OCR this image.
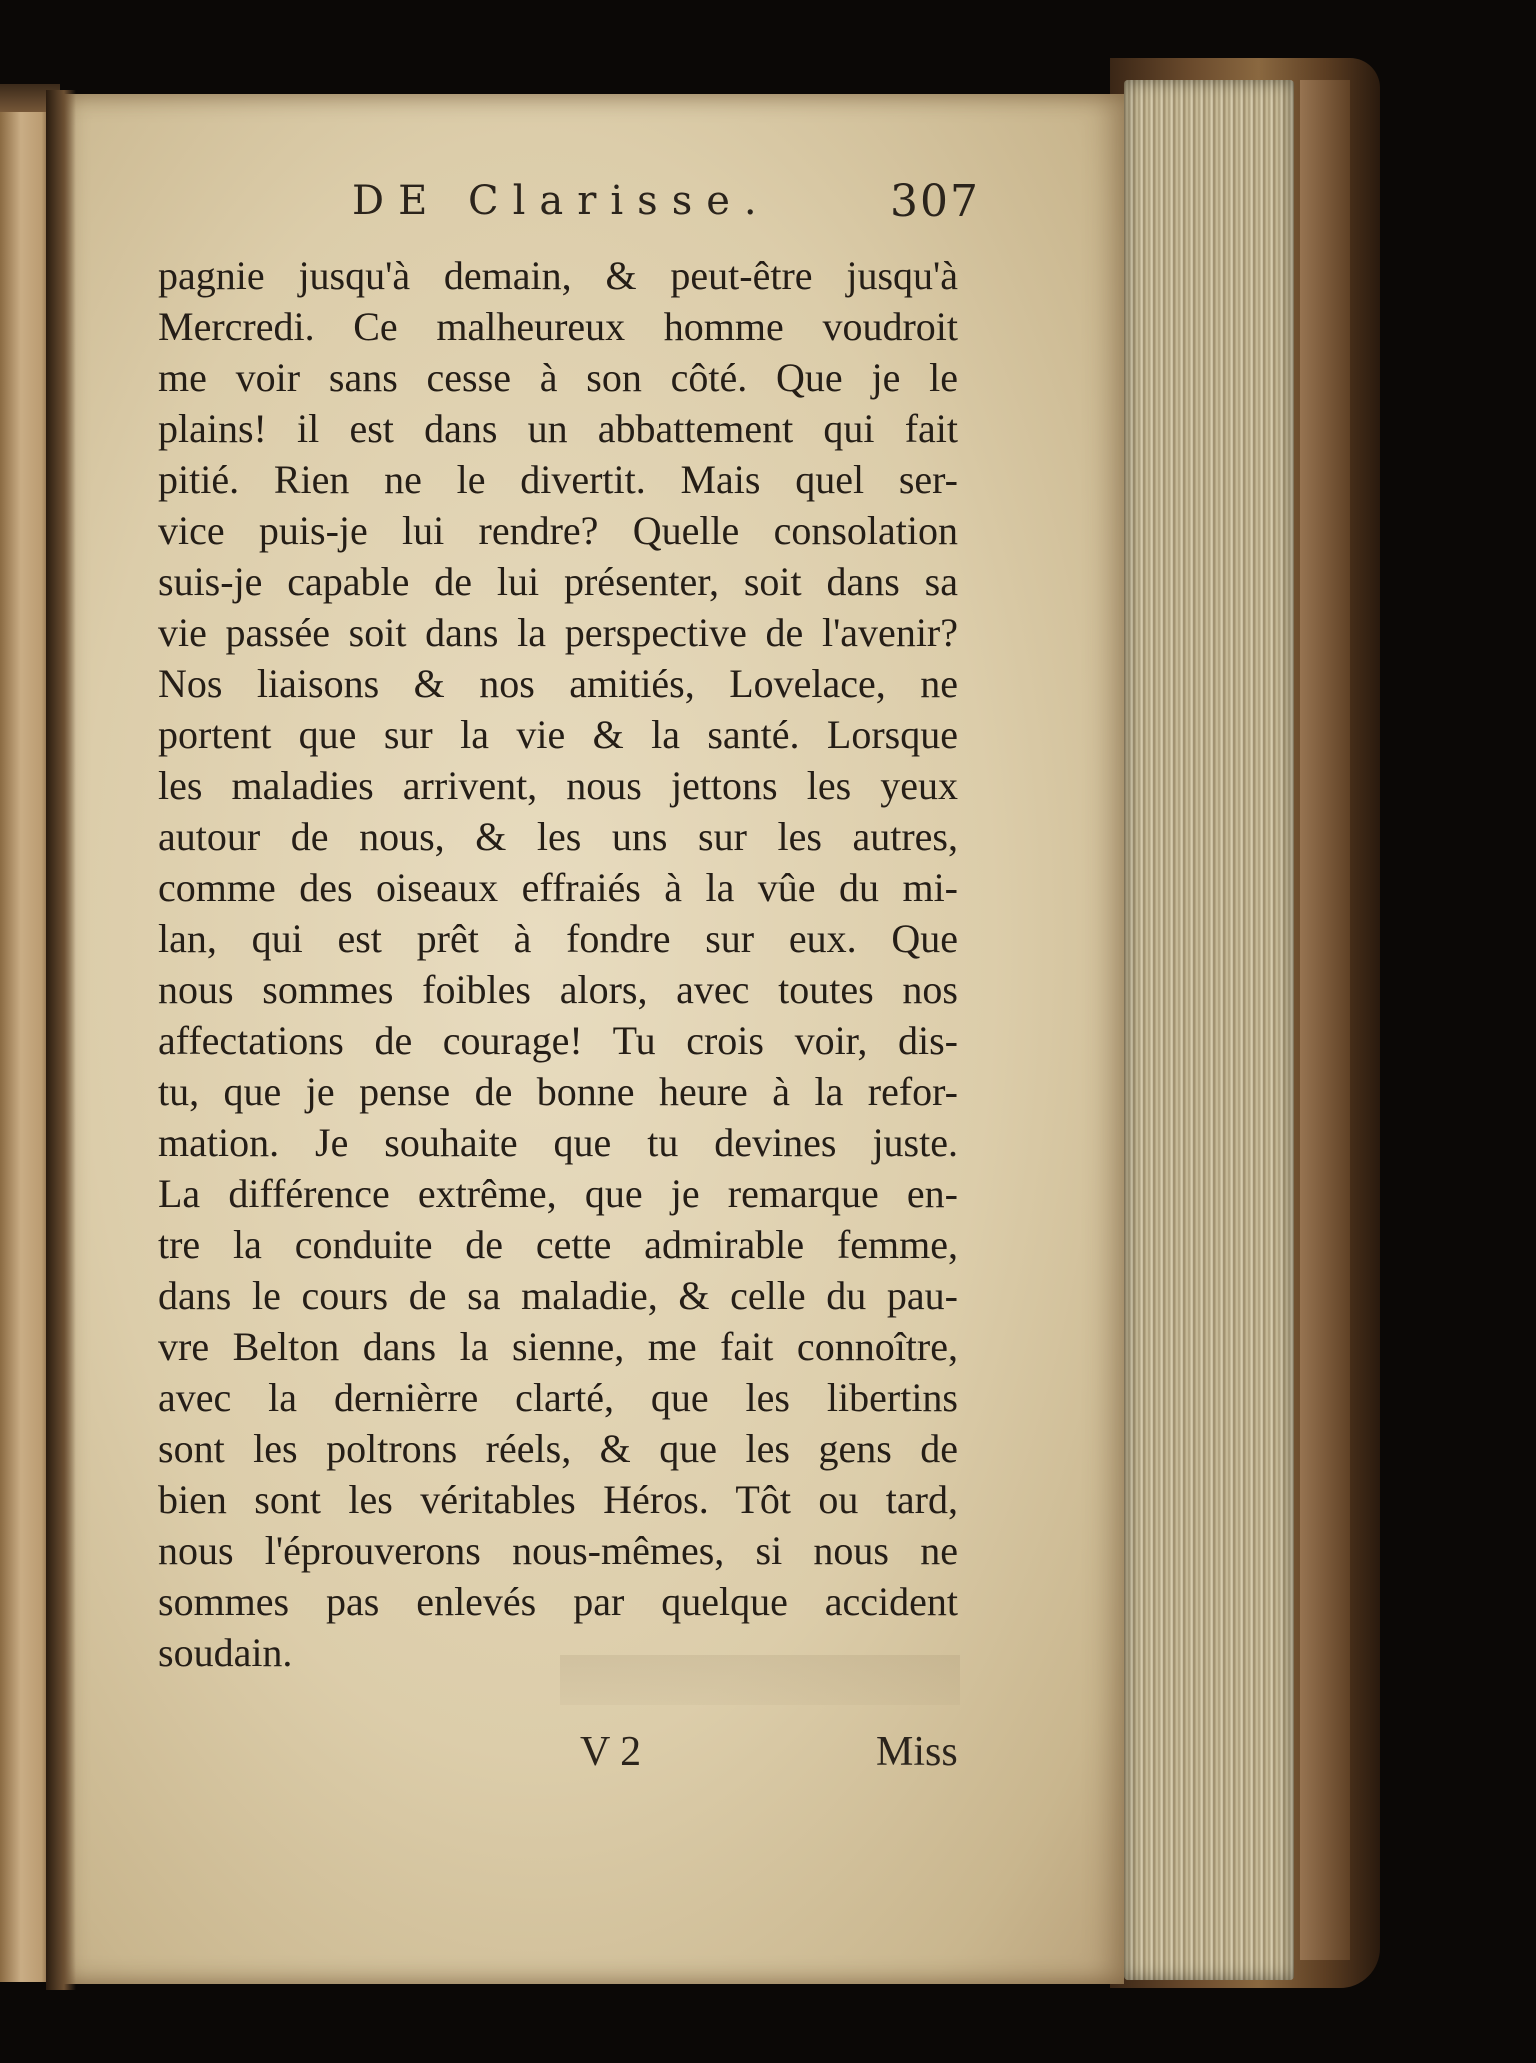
DE Clarisse.	307
pagnie jusqu'à demain, & peut-être jusqu'à
Mercredi. Ce malheureux homme voudroit
me voir sans cesse à son côté. Que je le
plains! il est dans un abbattement qui fait
pitié. Rien ne le divertit. Mais quel ser-
vice puis-je lui rendre? Quelle consolation
suis-je capable de lui présenter, soit dans sa
vie passée soit dans la perspective de l'avenir?
Nos liaisons & nos amitiés, Lovelace, ne
portent que sur la vie & la santé. Lorsque
les maladies arrivent, nous jettons les yeux
autour de nous, & les uns sur les autres,
comme des oiseaux effraiés à la vûe du mi-
lan, qui est prêt à fondre sur eux. Que
nous sommes foibles alors, avec toutes nos
affectations de courage! Tu crois voir, dis-
tu, que je pense de bonne heure à la refor-
mation. Je souhaite que tu devines juste.
La différence extrême, que je remarque en-
tre la conduite de cette admirable femme,
dans le cours de sa maladie, & celle du pau-
vre Belton dans la sienne, me fait connoître,
avec la dernièrre clarté, que les libertins
sont les poltrons réels, & que les gens de
bien sont les véritables Héros. Tôt ou tard,
nous l'éprouverons nous-mêmes, si nous ne
sommes pas enlevés par quelque accident
soudain.
V 2	Miss
